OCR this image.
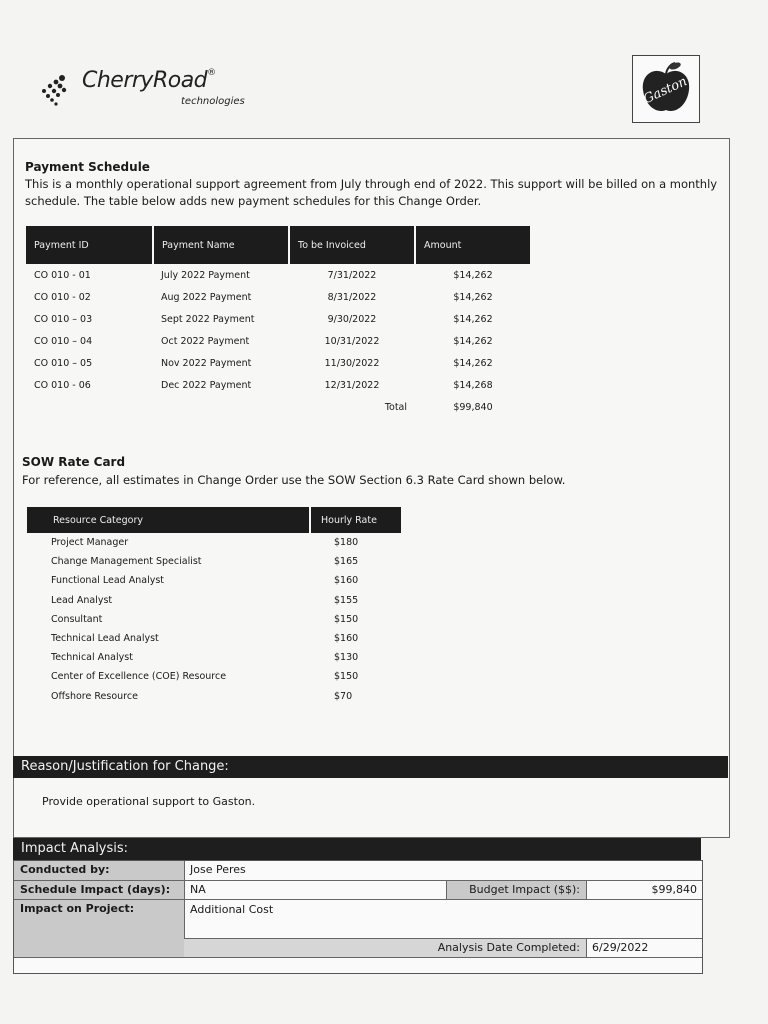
CherryRoad®
technologies	Gaston
Payment Schedule
This is a monthly operational support agreement from July through end of 2022. This support will be billed on a monthly schedule. The table below adds new payment schedules for this Change Order.
Payment ID	Payment Name	To be Invoiced	Amount
CO 010 - 01	July 2022 Payment	7/31/2022	$14,262
CO 010 - 02	Aug 2022 Payment	8/31/2022	$14,262
CO 010 – 03	Sept 2022 Payment	9/30/2022	$14,262
CO 010 – 04	Oct 2022 Payment	10/31/2022	$14,262
CO 010 – 05	Nov 2022 Payment	11/30/2022	$14,262
CO 010 - 06	Dec 2022 Payment	12/31/2022	$14,268
		Total	$99,840
SOW Rate Card
For reference, all estimates in Change Order use the SOW Section 6.3 Rate Card shown below.
Resource Category	Hourly Rate
Project Manager	$180
Change Management Specialist	$165
Functional Lead Analyst	$160
Lead Analyst	$155
Consultant	$150
Technical Lead Analyst	$160
Technical Analyst	$130
Center of Excellence (COE) Resource	$150
Offshore Resource	$70
Reason/Justification for Change:
Provide operational support to Gaston.
Impact Analysis:
Conducted by:	Jose Peres
Schedule Impact (days):	NA	Budget Impact ($$):	$99,840
Impact on Project:	Additional Cost
Analysis Date Completed:	6/29/2022
